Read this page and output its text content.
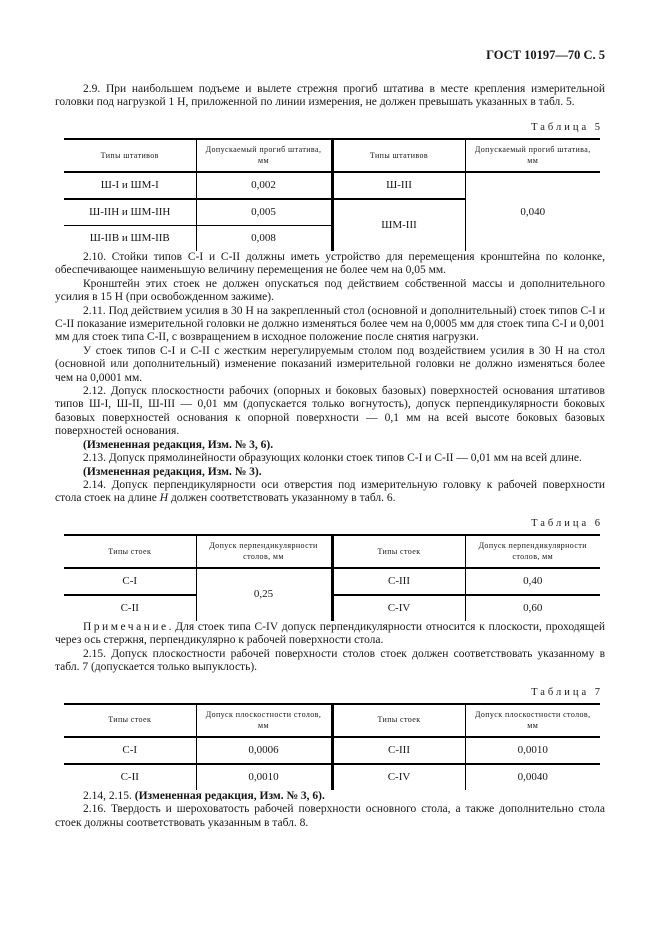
ГОСТ 10197—70 С. 5

2.9. При наибольшем подъеме и вылете стрежня прогиб штатива в месте крепления измерительной головки под нагрузкой 1 Н, приложенной по линии измерения, не должен превышать указанных в табл. 5.

Таблица 5
Типы штативов	Допускаемый прогиб штатива, мм	Типы штативов	Допускаемый прогиб штатива, мм
Ш-I и ШМ-I	0,002	Ш-III	0,040
Ш-IIН и ШМ-IIН	0,005	ШМ-III	
Ш-IIВ и ШМ-IIВ	0,008		

2.10. Стойки типов С-I и С-II должны иметь устройство для перемещения кронштейна по колонке, обеспечивающее наименьшую величину перемещения не более чем на 0,05 мм.

Кронштейн этих стоек не должен опускаться под действием собственной массы и дополнительного усилия в 15 Н (при освобожденном зажиме).

2.11. Под действием усилия в 30 Н на закрепленный стол (основной и дополнительный) стоек типов С-I и С-II показание измерительной головки не должно изменяться более чем на 0,0005 мм для стоек типа С-I и 0,001 мм для стоек типа С-II, с возвращением в исходное положение после снятия нагрузки.

У стоек типов С-I и С-II с жестким нерегулируемым столом под воздействием усилия в 30 Н на стол (основной или дополнительный) изменение показаний измерительной головки не должно изменяться более чем на 0,0001 мм.

2.12. Допуск плоскостности рабочих (опорных и боковых базовых) поверхностей основания штативов типов Ш-I, Ш-II, Ш-III — 0,01 мм (допускается только вогнутость), допуск перпендикулярности боковых базовых поверхностей основания к опорной поверхности — 0,1 мм на всей высоте боковых базовых поверхностей основания.

(Измененная редакция, Изм. № 3, 6).

2.13. Допуск прямолинейности образующих колонки стоек типов С-I и С-II — 0,01 мм на всей длине.

(Измененная редакция, Изм. № 3).

2.14. Допуск перпендикулярности оси отверстия под измерительную головку к рабочей поверхности стола стоек на длине Н должен соответствовать указанному в табл. 6.

Таблица 6
Типы стоек	Допуск перпендикулярности столов, мм	Типы стоек	Допуск перпендикулярности столов, мм
С-I	0,25	С-III	0,40
С-II		С-IV	0,60

Примечание. Для стоек типа С-IV допуск перпендикулярности относится к плоскости, проходящей через ось стержня, перпендикулярно к рабочей поверхности стола.

2.15. Допуск плоскостности рабочей поверхности столов стоек должен соответствовать указанному в табл. 7 (допускается только выпуклость).

Таблица 7
Типы стоек	Допуск плоскостности столов, мм	Типы стоек	Допуск плоскостности столов, мм
С-I	0,0006	С-III	0,0010
С-II	0,0010	С-IV	0,0040

2.14, 2.15. (Измененная редакция, Изм. № 3, 6).

2.16. Твердость и шероховатость рабочей поверхности основного стола, а также дополнительно стола стоек должны соответствовать указанным в табл. 8.
